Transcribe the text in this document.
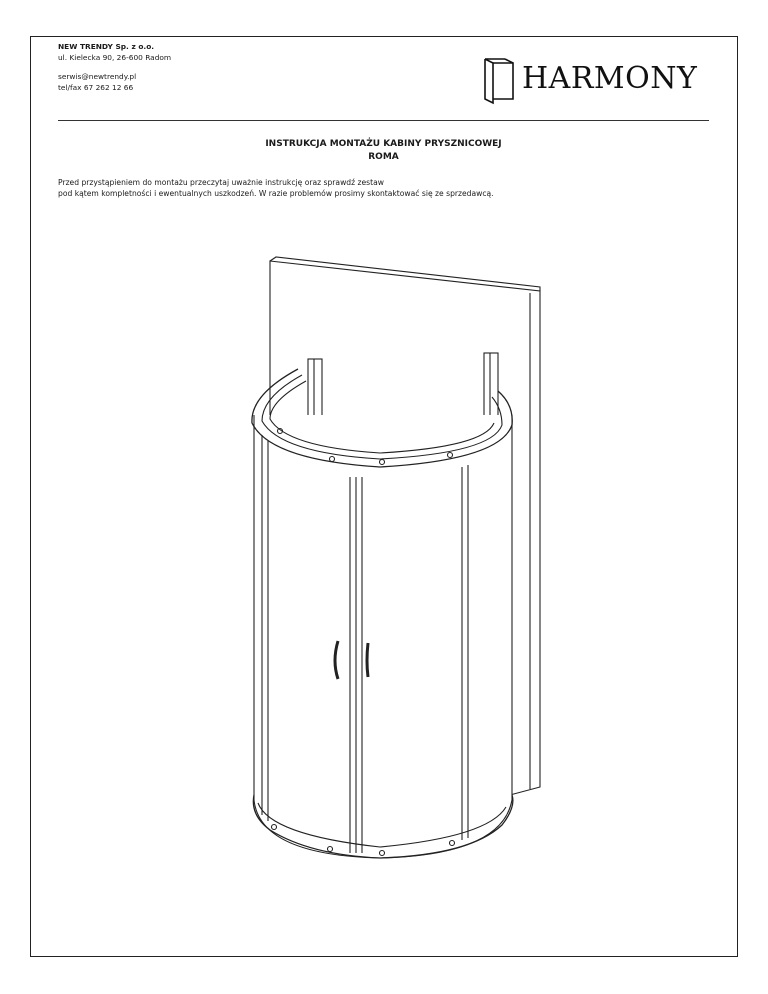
NEW TRENDY Sp. z o.o.
ul. Kielecka 90, 26-600 Radom
serwis@newtrendy.pl
tel/fax 67 262 12 66	HARMONY
INSTRUKCJA MONTAŻU KABINY PRYSZNICOWEJ
ROMA
Przed przystąpieniem do montażu przeczytaj uważnie instrukcję oraz sprawdź zestaw
pod kątem kompletności i ewentualnych uszkodzeń. W razie problemów prosimy skontaktować się ze sprzedawcą.
